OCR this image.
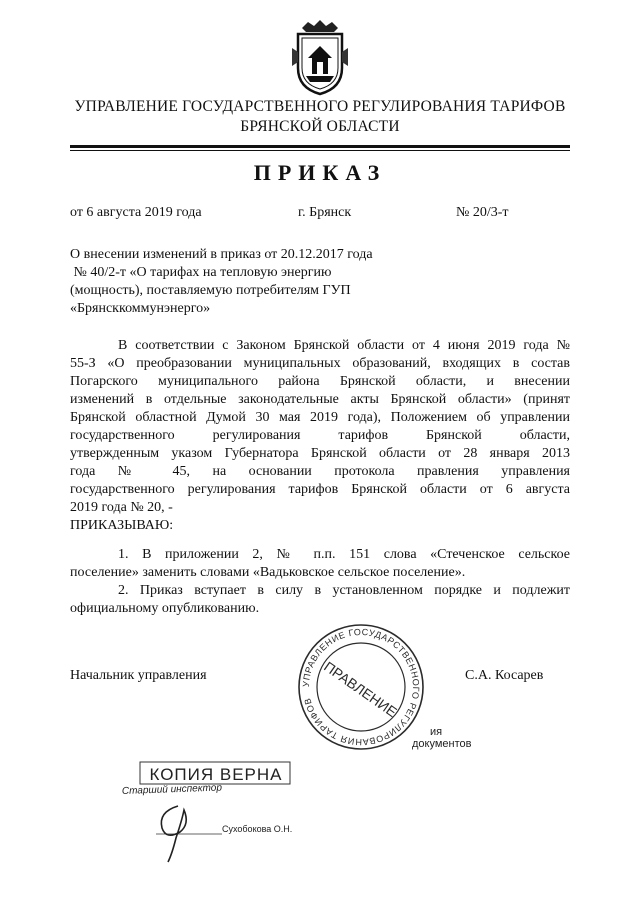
УПРАВЛЕНИЕ ГОСУДАРСТВЕННОГО РЕГУЛИРОВАНИЯ ТАРИФОВ
БРЯНСКОЙ ОБЛАСТИ
ПРИКАЗ
от 6 августа 2019 года	г. Брянск	№ 20/3-т
О внесении изменений в приказ от 20.12.2017 года
№ 40/2-т «О тарифах на тепловую энергию
(мощность), поставляемую потребителям ГУП
«Брянсккоммунэнерго»
В соответствии с Законом Брянской области от 4 июня 2019 года №
55-З «О преобразовании муниципальных образований, входящих в состав
Погарского муниципального района Брянской области, и внесении
изменений в отдельные законодательные акты Брянской области» (принят
Брянской областной Думой 30 мая 2019 года), Положением об управлении
государственного регулирования тарифов Брянской области,
утвержденным указом Губернатора Брянской области от 28 января 2013
года № 45, на основании протокола правления управления
государственного регулирования тарифов Брянской области от 6 августа
2019 года № 20, -
ПРИКАЗЫВАЮ:
1. В приложении 2, № п.п. 151 слова «Стеченское сельское
поселение» заменить словами «Вадьковское сельское поселение».
2. Приказ вступает в силу в установленном порядке и подлежит
официальному опубликованию.
Начальник управления	С.А. Косарев
УПРАВЛЕНИЕ ГОСУДАРСТВЕННОГО РЕГУЛИРОВАНИЯ ТАРИФОВ ПРАВЛЕНИЕ
ия
документов
КОПИЯ ВЕРНА
Старший инспектор
Сухобокова О.Н.
